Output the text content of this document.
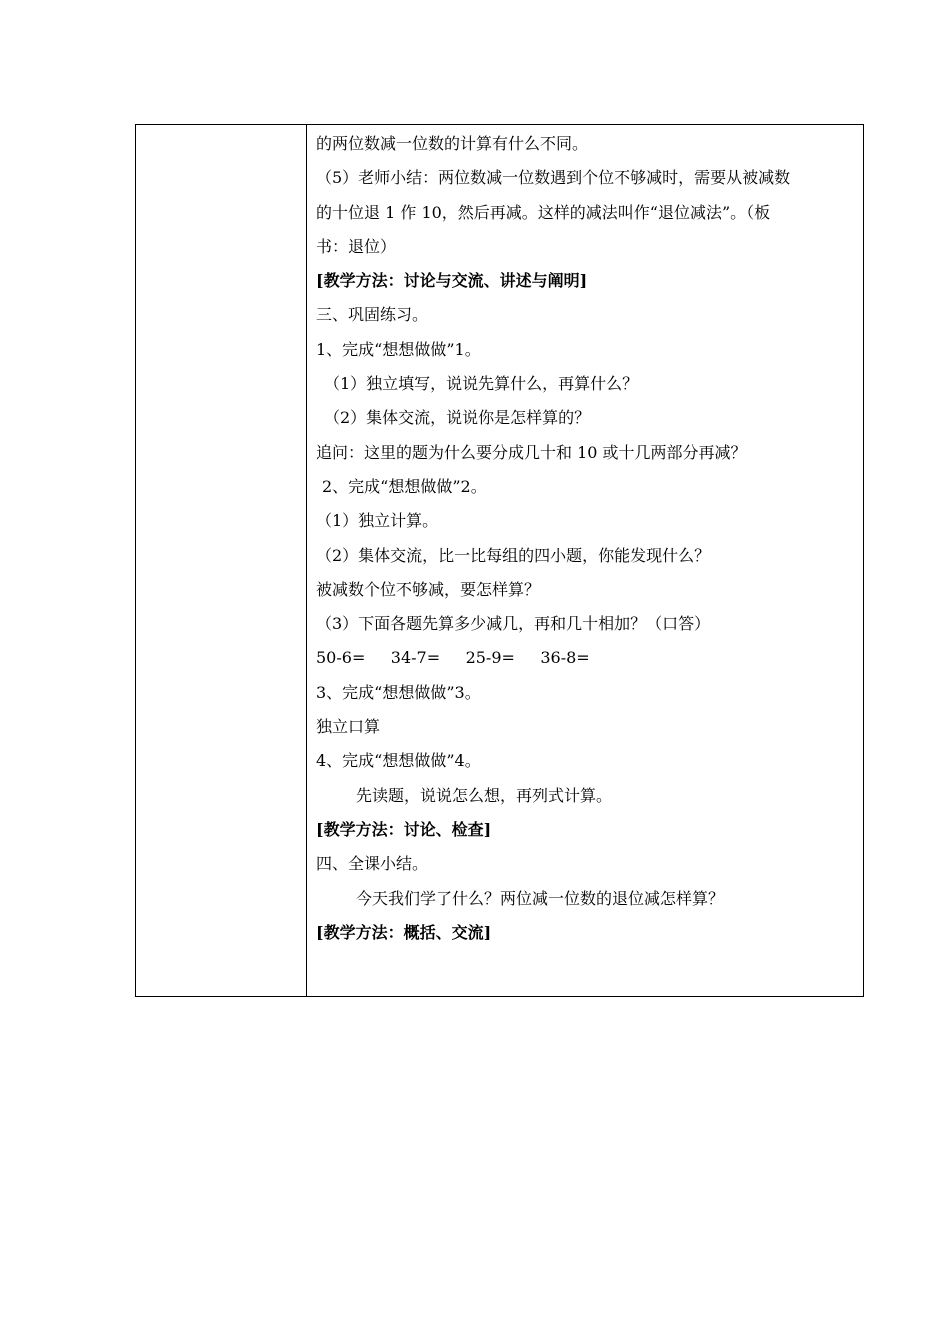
的两位数减一位数的计算有什么不同。
（5）老师小结：两位数减一位数遇到个位不够减时，需要从被减数
的十位退 1 作 10，然后再减。这样的减法叫作“退位减法”。（板
书：退位）
[教学方法：讨论与交流、讲述与阐明]
三、巩固练习。
1、完成“想想做做”1。
（1）独立填写，说说先算什么，再算什么？
（2）集体交流，说说你是怎样算的？
追问：这里的题为什么要分成几十和 10 或十几两部分再减？
2、完成“想想做做”2。
（1）独立计算。
（2）集体交流，比一比每组的四小题，你能发现什么？
被减数个位不够减，要怎样算？
（3）下面各题先算多少减几，再和几十相加？（口答）
50-6=     34-7=     25-9=     36-8=
3、完成“想想做做”3。
独立口算
4、完成“想想做做”4。
先读题，说说怎么想，再列式计算。
[教学方法：讨论、检查]
四、全课小结。
今天我们学了什么？两位减一位数的退位减怎样算？
[教学方法：概括、交流]
